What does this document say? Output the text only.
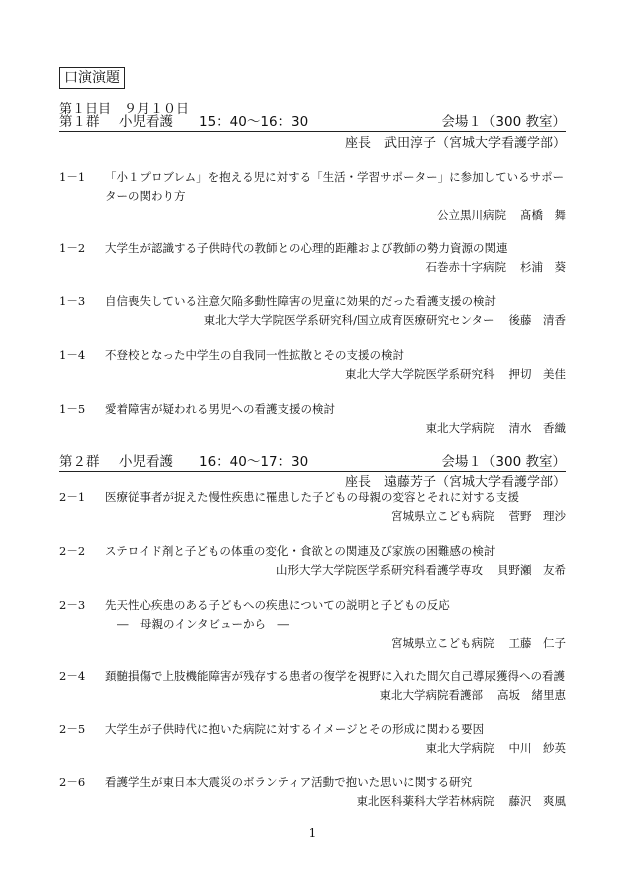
口演演題
第１日目　９月１０日
第１群 小児看護 15：40～16：30	会場１（300 教室）
座長　武田淳子（宮城大学看護学部）
1－1	「小１プロブレム」を抱える児に対する「生活・学習サポーター」に参加しているサポー
ターの関わり方
公立黒川病院 髙橋　舞
1－2	大学生が認識する子供時代の教師との心理的距離および教師の勢力資源の関連
石巻赤十字病院 杉浦　葵
1－3	自信喪失している注意欠陥多動性障害の児童に効果的だった看護支援の検討
東北大学大学院医学系研究科/国立成育医療研究センター 後藤　清香
1－4	不登校となった中学生の自我同一性拡散とその支援の検討
東北大学大学院医学系研究科 押切　美佳
1－5	愛着障害が疑われる男児への看護支援の検討
東北大学病院 清水　香織
第２群 小児看護 16：40～17：30	会場１（300 教室）
座長　遠藤芳子（宮城大学看護学部）
2－1	医療従事者が捉えた慢性疾患に罹患した子どもの母親の変容とそれに対する支援
宮城県立こども病院 菅野　理沙
2－2	ステロイド剤と子どもの体重の変化・食欲との関連及び家族の困難感の検討
山形大学大学院医学系研究科看護学専攻 貝野瀬　友希
2－3	先天性心疾患のある子どもへの疾患についての説明と子どもの反応
―　母親のインタビューから　―
宮城県立こども病院 工藤　仁子
2－4	頚髄損傷で上肢機能障害が残存する患者の復学を視野に入れた間欠自己導尿獲得への看護
東北大学病院看護部 高坂　緒里恵
2－5	大学生が子供時代に抱いた病院に対するイメージとその形成に関わる要因
東北大学病院 中川　紗英
2－6	看護学生が東日本大震災のボランティア活動で抱いた思いに関する研究
東北医科薬科大学若林病院 藤沢　爽風
1
